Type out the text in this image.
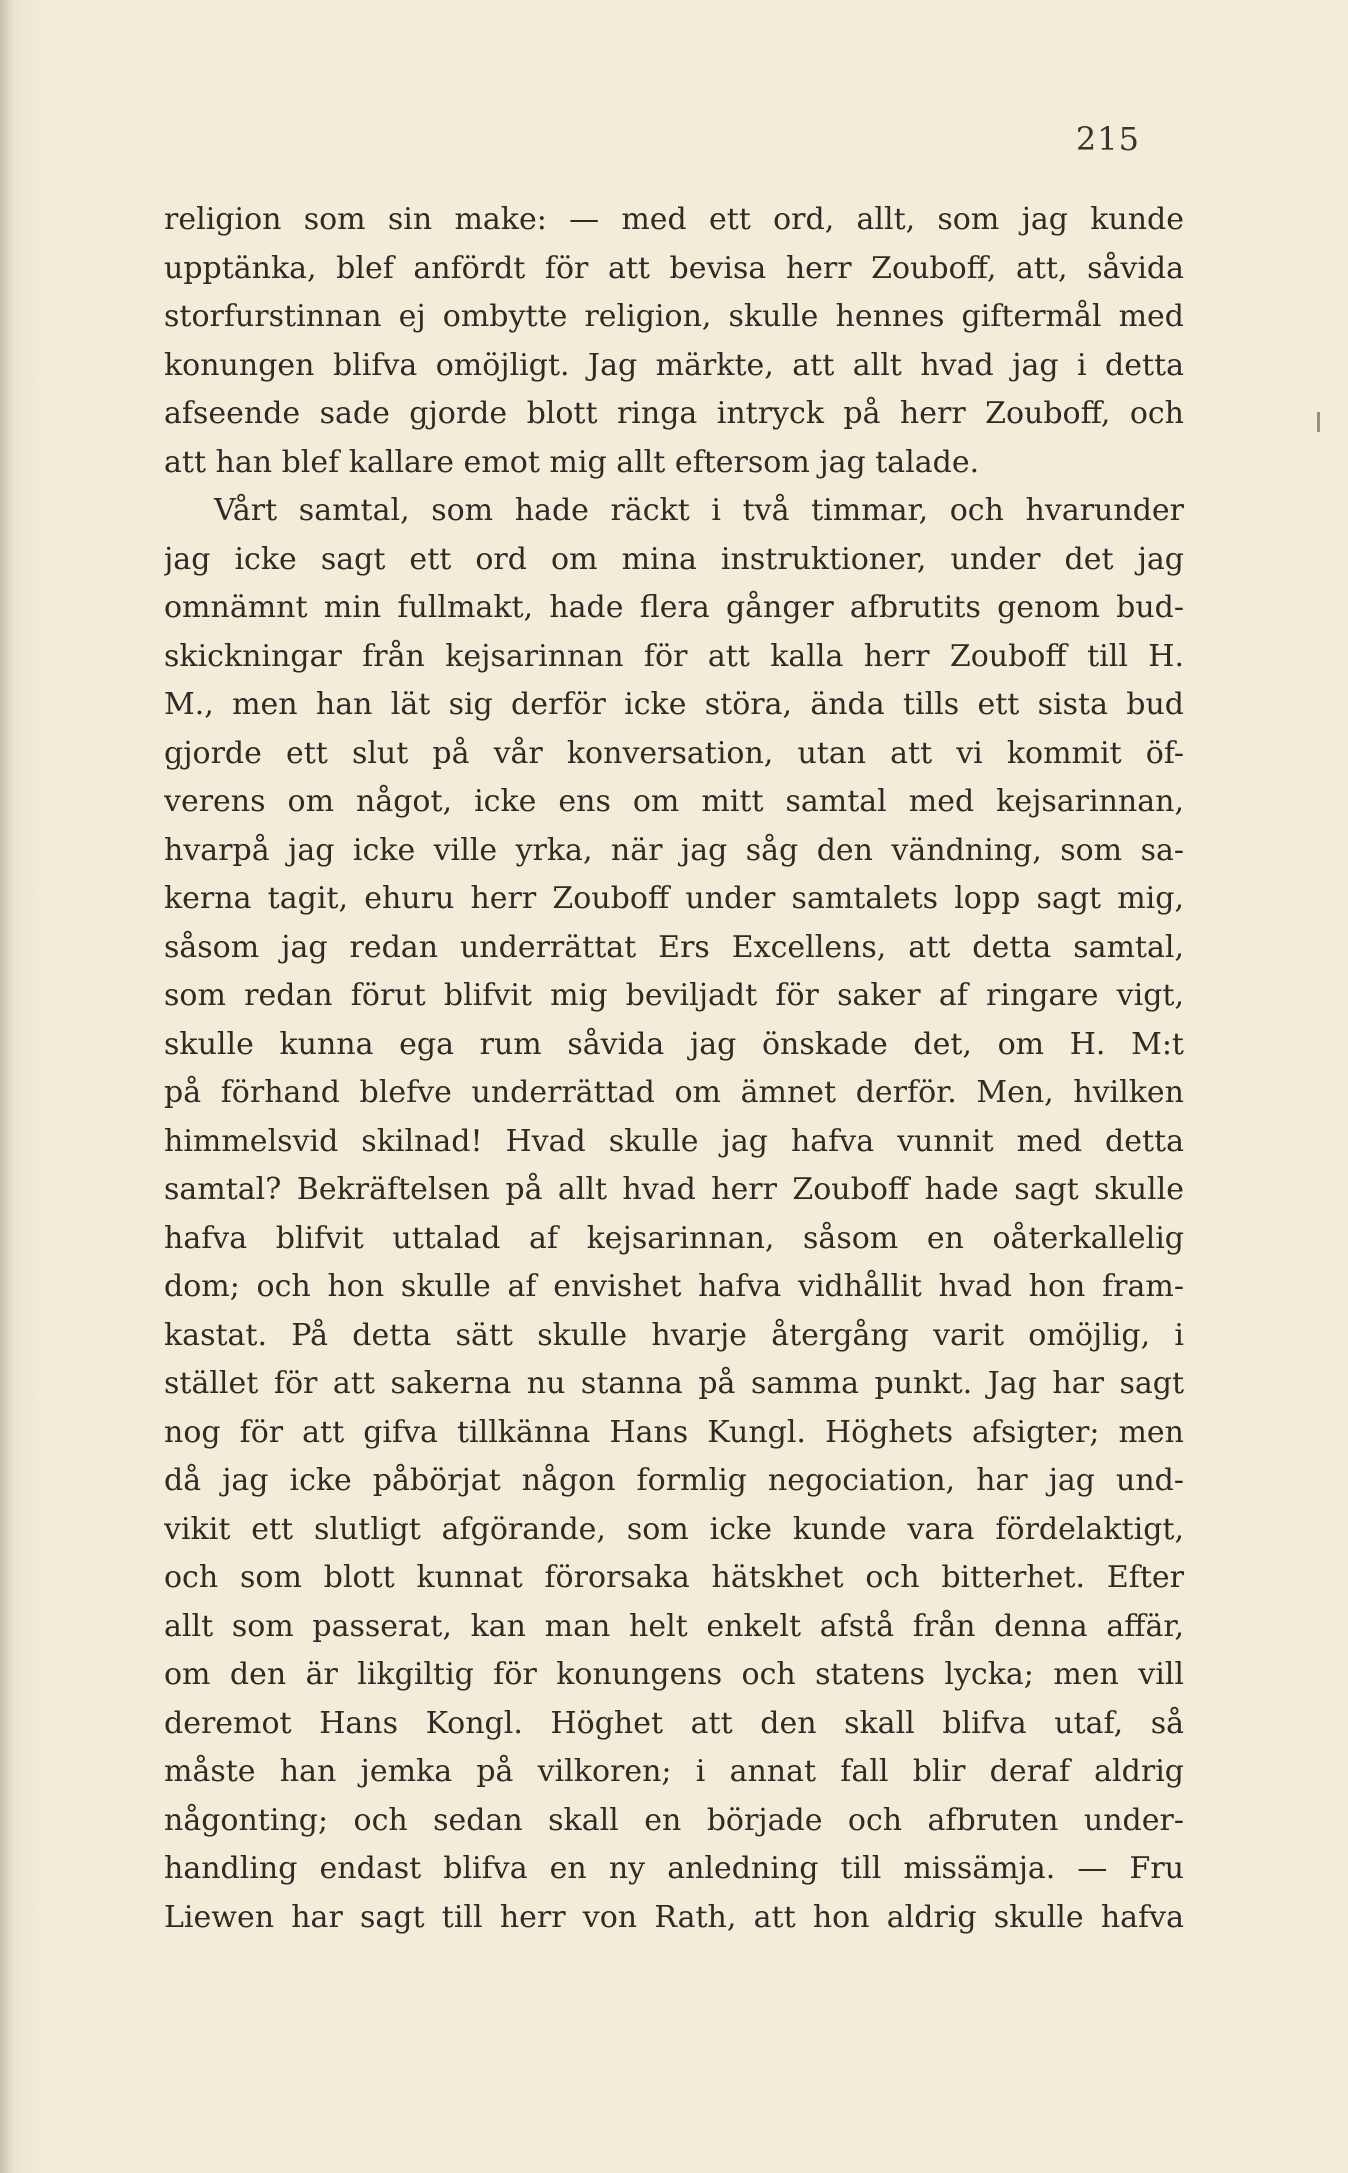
215
religion som sin make: — med ett ord, allt, som jag kunde
upptänka, blef anfördt för att bevisa herr Zouboff, att, såvida
storfurstinnan ej ombytte religion, skulle hennes giftermål med
konungen blifva omöjligt. Jag märkte, att allt hvad jag i detta
afseende sade gjorde blott ringa intryck på herr Zouboff, och
att han blef kallare emot mig allt eftersom jag talade.
Vårt samtal, som hade räckt i två timmar, och hvarunder
jag icke sagt ett ord om mina instruktioner, under det jag
omnämnt min fullmakt, hade flera gånger afbrutits genom bud-
skickningar från kejsarinnan för att kalla herr Zouboff till H.
M., men han lät sig derför icke störa, ända tills ett sista bud
gjorde ett slut på vår konversation, utan att vi kommit öf-
verens om något, icke ens om mitt samtal med kejsarinnan,
hvarpå jag icke ville yrka, när jag såg den vändning, som sa-
kerna tagit, ehuru herr Zouboff under samtalets lopp sagt mig,
såsom jag redan underrättat Ers Excellens, att detta samtal,
som redan förut blifvit mig beviljadt för saker af ringare vigt,
skulle kunna ega rum såvida jag önskade det, om H. M:t
på förhand blefve underrättad om ämnet derför. Men, hvilken
himmelsvid skilnad! Hvad skulle jag hafva vunnit med detta
samtal? Bekräftelsen på allt hvad herr Zouboff hade sagt skulle
hafva blifvit uttalad af kejsarinnan, såsom en oåterkallelig
dom; och hon skulle af envishet hafva vidhållit hvad hon fram-
kastat. På detta sätt skulle hvarje återgång varit omöjlig, i
stället för att sakerna nu stanna på samma punkt. Jag har sagt
nog för att gifva tillkänna Hans Kungl. Höghets afsigter; men
då jag icke påbörjat någon formlig negociation, har jag und-
vikit ett slutligt afgörande, som icke kunde vara fördelaktigt,
och som blott kunnat förorsaka hätskhet och bitterhet. Efter
allt som passerat, kan man helt enkelt afstå från denna affär,
om den är likgiltig för konungens och statens lycka; men vill
deremot Hans Kongl. Höghet att den skall blifva utaf, så
måste han jemka på vilkoren; i annat fall blir deraf aldrig
någonting; och sedan skall en började och afbruten under-
handling endast blifva en ny anledning till missämja. — Fru
Liewen har sagt till herr von Rath, att hon aldrig skulle hafva
